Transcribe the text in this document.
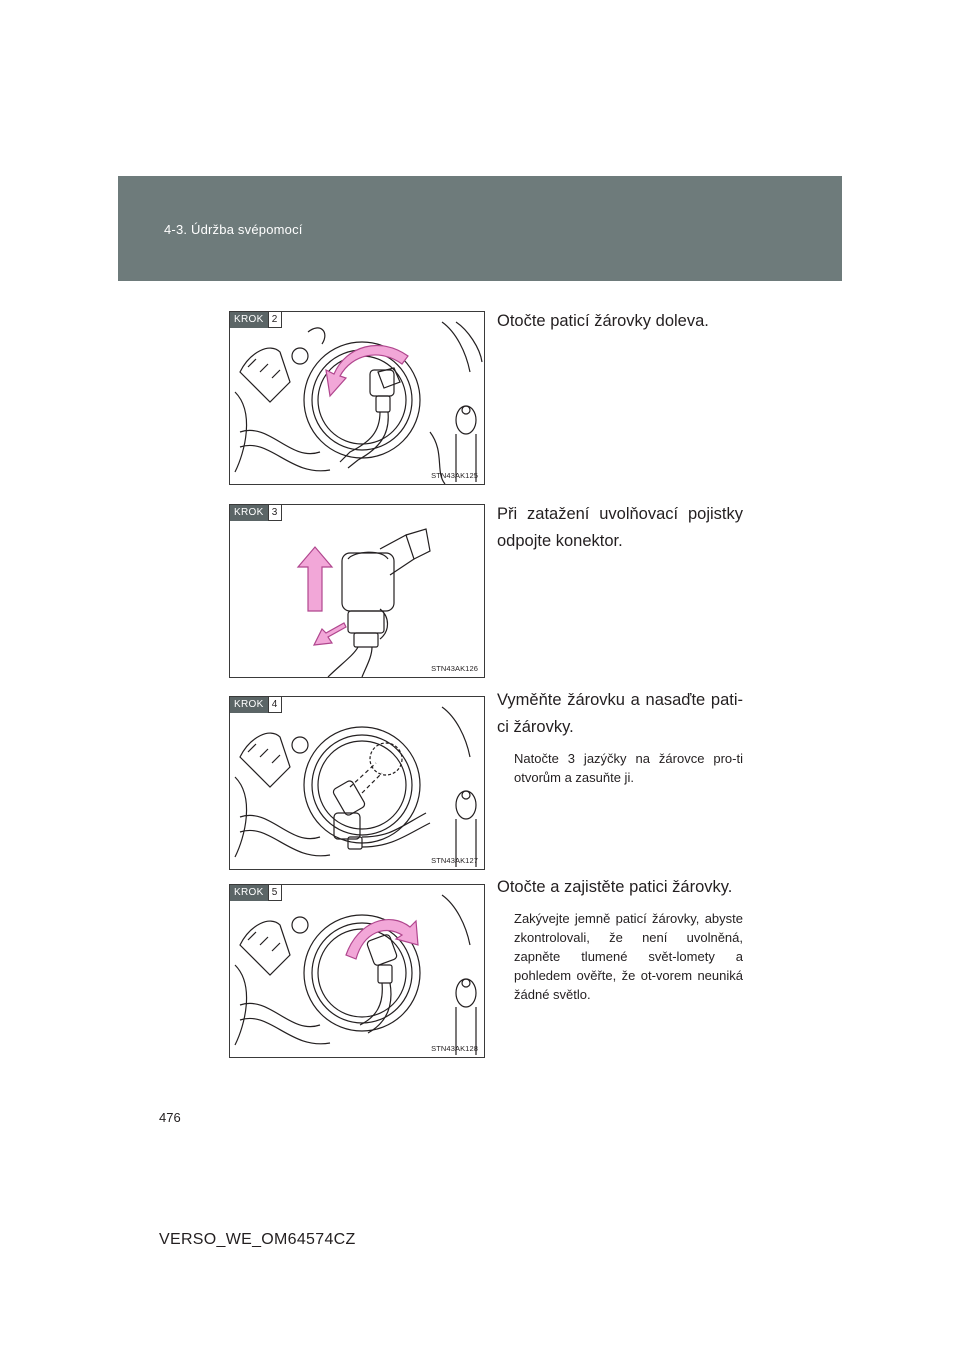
4-3. Údržba svépomocí
KROK 2
STN43AK125
Otočte paticí žárovky doleva.
KROK 3
STN43AK126
Při zatažení uvolňovací pojistky odpojte konektor.
KROK 4
STN43AK127
Vyměňte žárovku a nasaďte pati-ci žárovky.
Natočte 3 jazýčky na žárovce pro-ti otvorům a zasuňte ji.
KROK 5
STN43AK128
Otočte a zajistěte patici žárovky.
Zakývejte jemně paticí žárovky, abyste zkontrolovali, že není uvolněná, zapněte tlumené svět-lomety a pohledem ověřte, že ot-vorem neuniká žádné světlo.
476
VERSO_WE_OM64574CZ
